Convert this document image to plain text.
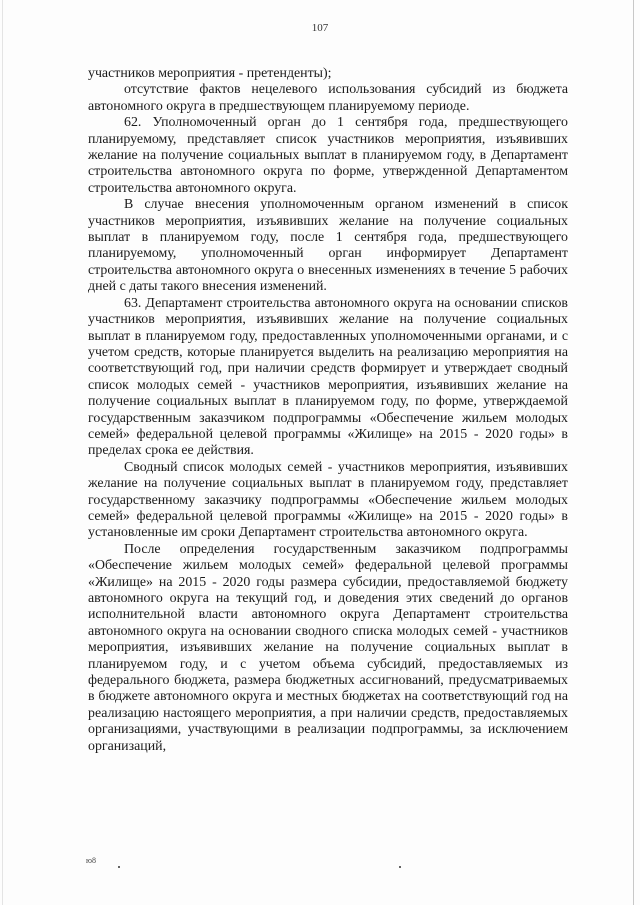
107

участников мероприятия - претенденты);

отсутствие фактов нецелевого использования субсидий из бюджета автономного округа в предшествующем планируемому периоде.

62. Уполномоченный орган до 1 сентября года, предшествующего планируемому, представляет список участников мероприятия, изъявивших желание на получение социальных выплат в планируемом году, в Департамент строительства автономного округа по форме, утвержденной Департаментом строительства автономного округа.

В случае внесения уполномоченным органом изменений в список участников мероприятия, изъявивших желание на получение социальных выплат в планируемом году, после 1 сентября года, предшествующего планируемому, уполномоченный орган информирует Департамент строительства автономного округа о внесенных изменениях в течение 5 рабочих дней с даты такого внесения изменений.

63. Департамент строительства автономного округа на основании списков участников мероприятия, изъявивших желание на получение социальных выплат в планируемом году, предоставленных уполномоченными органами, и с учетом средств, которые планируется выделить на реализацию мероприятия на соответствующий год, при наличии средств формирует и утверждает сводный список молодых семей - участников мероприятия, изъявивших желание на получение социальных выплат в планируемом году, по форме, утверждаемой государственным заказчиком подпрограммы «Обеспечение жильем молодых семей» федеральной целевой программы «Жилище» на 2015 - 2020 годы» в пределах срока ее действия.

Сводный список молодых семей - участников мероприятия, изъявивших желание на получение социальных выплат в планируемом году, представляет государственному заказчику подпрограммы «Обеспечение жильем молодых семей» федеральной целевой программы «Жилище» на 2015 - 2020 годы» в установленные им сроки Департамент строительства автономного округа.

После определения государственным заказчиком подпрограммы «Обеспечение жильем молодых семей» федеральной целевой программы «Жилище» на 2015 - 2020 годы размера субсидии, предоставляемой бюджету автономного округа на текущий год, и доведения этих сведений до органов исполнительной власти автономного округа Департамент строительства автономного округа на основании сводного списка молодых семей - участников мероприятия, изъявивших желание на получение социальных выплат в планируемом году, и с учетом объема субсидий, предоставляемых из федерального бюджета, размера бюджетных ассигнований, предусматриваемых в бюджете автономного округа и местных бюджетах на соответствующий год на реализацию настоящего мероприятия, а при наличии средств, предоставляемых организациями, участвующими в реализации подпрограммы, за исключением организаций,

ю8
